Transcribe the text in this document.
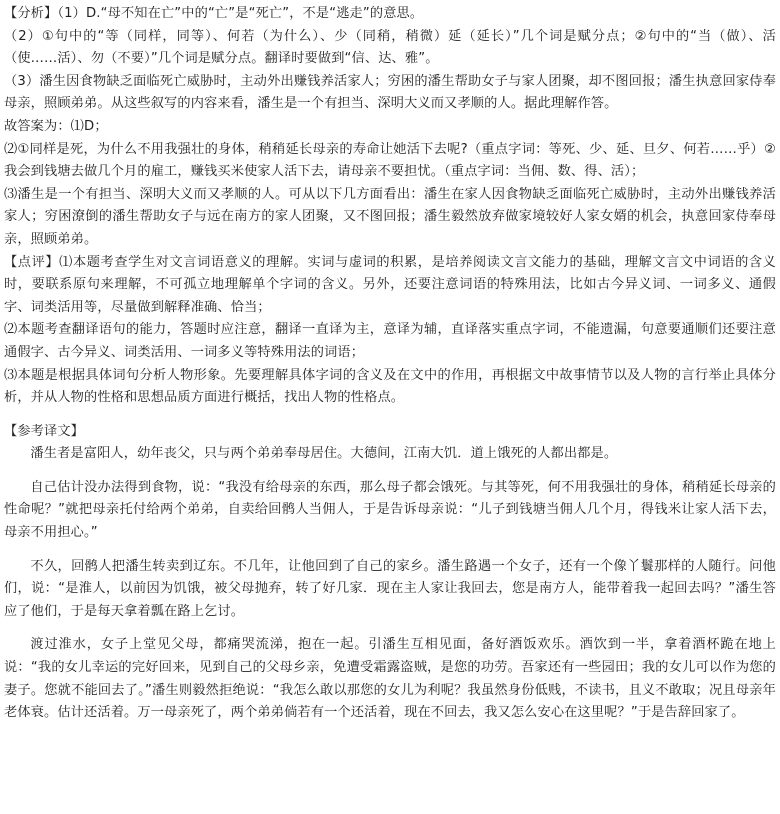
【分析】（1）D.“母不知在亡”中的“亡”是“死亡”，不是“逃走”的意思。

（2）①句中的“等（同样，同等）、何若（为什么）、少（同稍，稍微）延（延长）”几个词是赋分点；②句中的“当（做）、活（使……活）、勿（不要）”几个词是赋分点。翻译时要做到“信、达、雅”。

（3）潘生因食物缺乏面临死亡威胁时，主动外出赚钱养活家人；穷困的潘生帮助女子与家人团聚，却不图回报；潘生执意回家侍奉母亲，照顾弟弟。从这些叙写的内容来看，潘生是一个有担当、深明大义而又孝顺的人。据此理解作答。

故答案为：⑴D；

⑵①同样是死，为什么不用我强壮的身体，稍稍延长母亲的寿命让她活下去呢?（重点字词：等死、少、延、旦夕、何若……乎）②我会到钱塘去做几个月的雇工，赚钱买米使家人活下去，请母亲不要担忧。（重点字词：当佣、数、得、活）；

⑶潘生是一个有担当、深明大义而又孝顺的人。可从以下几方面看出：潘生在家人因食物缺乏面临死亡威胁时，主动外出赚钱养活家人；穷困潦倒的潘生帮助女子与远在南方的家人团聚，又不图回报；潘生毅然放弃做家境较好人家女婿的机会，执意回家侍奉母亲，照顾弟弟。

【点评】⑴本题考查学生对文言词语意义的理解。实词与虚词的积累，是培养阅读文言文能力的基础，理解文言文中词语的含义时，要联系原句来理解，不可孤立地理解单个字词的含义。另外，还要注意词语的特殊用法，比如古今异义词、一词多义、通假字、词类活用等，尽量做到解释准确、恰当；

⑵本题考查翻译语句的能力，答题时应注意，翻译一直译为主，意译为辅，直译落实重点字词，不能遗漏，句意要通顺们还要注意通假字、古今异义、词类活用、一词多义等特殊用法的词语；

⑶本题是根据具体词句分析人物形象。先要理解具体字词的含义及在文中的作用，再根据文中故事情节以及人物的言行举止具体分析，并从人物的性格和思想品质方面进行概括，找出人物的性格点。

【参考译文】

潘生者是富阳人，幼年丧父，只与两个弟弟奉母居住。大德间，江南大饥．道上饿死的人都出都是。

自己估计没办法得到食物，说：“我没有给母亲的东西，那么母子都会饿死。与其等死，何不用我强壮的身体，稍稍延长母亲的性命呢？”就把母亲托付给两个弟弟，自卖给回鹘人当佣人，于是告诉母亲说：“儿子到钱塘当佣人几个月，得钱米让家人活下去，母亲不用担心。”

不久，回鹘人把潘生转卖到辽东。不几年，让他回到了自己的家乡。潘生路遇一个女子，还有一个像丫鬟那样的人随行。问他们，说：“是淮人，以前因为饥饿，被父母抛弃，转了好几家．现在主人家让我回去，您是南方人，能带着我一起回去吗？”潘生答应了他们，于是每天拿着瓢在路上乞讨。

渡过淮水，女子上堂见父母，都痛哭流涕，抱在一起。引潘生互相见面，备好酒饭欢乐。酒饮到一半，拿着酒杯跪在地上说：“我的女儿幸运的完好回来，见到自己的父母乡亲，免遭受霜露盗贼，是您的功劳。吾家还有一些园田；我的女儿可以作为您的妻子。您就不能回去了。”潘生则毅然拒绝说：“我怎么敢以那您的女儿为利呢？我虽然身份低贱，不读书，且义不敢取；况且母亲年老体衰。估计还活着。万一母亲死了，两个弟弟倘若有一个还活着，现在不回去，我又怎么安心在这里呢？”于是告辞回家了。
